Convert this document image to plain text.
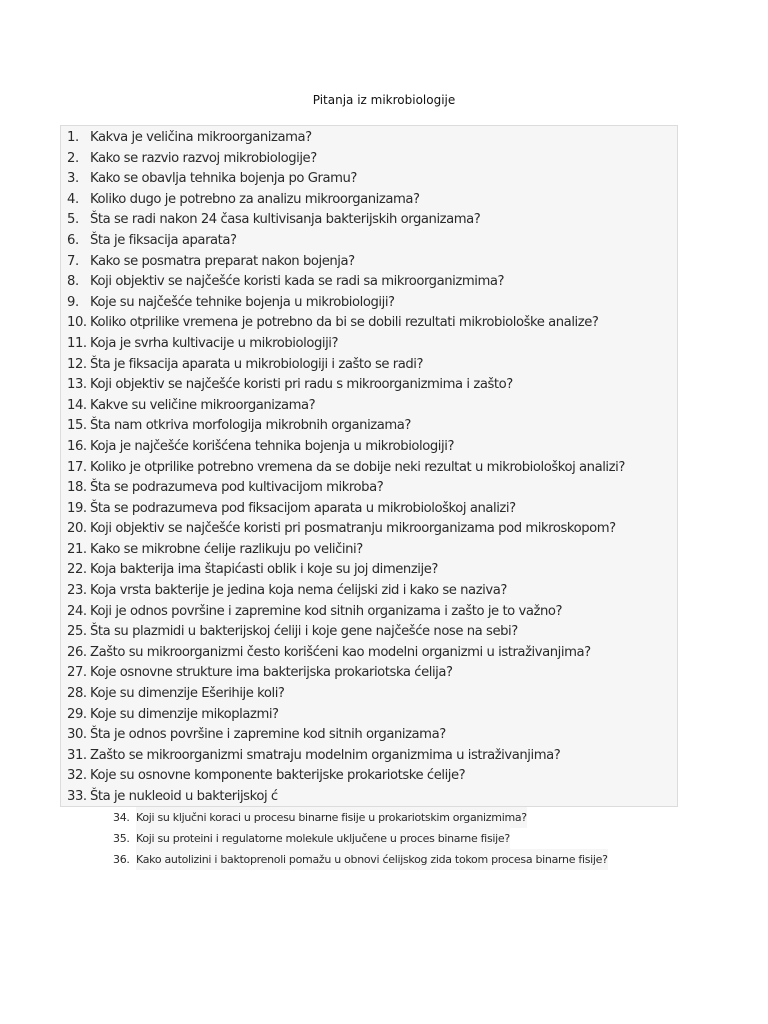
Pitanja iz mikrobiologije
1. Kakva je veličina mikroorganizama?
2. Kako se razvio razvoj mikrobiologije?
3. Kako se obavlja tehnika bojenja po Gramu?
4. Koliko dugo je potrebno za analizu mikroorganizama?
5. Šta se radi nakon 24 časa kultivisanja bakterijskih organizama?
6. Šta je fiksacija aparata?
7. Kako se posmatra preparat nakon bojenja?
8. Koji objektiv se najčešće koristi kada se radi sa mikroorganizmima?
9. Koje su najčešće tehnike bojenja u mikrobiologiji?
10. Koliko otprilike vremena je potrebno da bi se dobili rezultati mikrobiološke analize?
11. Koja je svrha kultivacije u mikrobiologiji?
12. Šta je fiksacija aparata u mikrobiologiji i zašto se radi?
13. Koji objektiv se najčešće koristi pri radu s mikroorganizmima i zašto?
14. Kakve su veličine mikroorganizama?
15. Šta nam otkriva morfologija mikrobnih organizama?
16. Koja je najčešće korišćena tehnika bojenja u mikrobiologiji?
17. Koliko je otprilike potrebno vremena da se dobije neki rezultat u mikrobiološkoj analizi?
18. Šta se podrazumeva pod kultivacijom mikroba?
19. Šta se podrazumeva pod fiksacijom aparata u mikrobiološkoj analizi?
20. Koji objektiv se najčešće koristi pri posmatranju mikroorganizama pod mikroskopom?
21. Kako se mikrobne ćelije razlikuju po veličini?
22. Koja bakterija ima štapićasti oblik i koje su joj dimenzije?
23. Koja vrsta bakterije je jedina koja nema ćelijski zid i kako se naziva?
24. Koji je odnos površine i zapremine kod sitnih organizama i zašto je to važno?
25. Šta su plazmidi u bakterijskoj ćeliji i koje gene najčešće nose na sebi?
26. Zašto su mikroorganizmi često korišćeni kao modelni organizmi u istraživanjima?
27. Koje osnovne strukture ima bakterijska prokariotska ćelija?
28. Koje su dimenzije Ešerihije koli?
29. Koje su dimenzije mikoplazmi?
30. Šta je odnos površine i zapremine kod sitnih organizama?
31. Zašto se mikroorganizmi smatraju modelnim organizmima u istraživanjima?
32. Koje su osnovne komponente bakterijske prokariotske ćelije?
33. Šta je nukleoid u bakterijskoj ć
34. Koji su ključni koraci u procesu binarne fisije u prokariotskim organizmima?
35. Koji su proteini i regulatorne molekule uključene u proces binarne fisije?
36. Kako autolizini i baktoprenoli pomažu u obnovi ćelijskog zida tokom procesa binarne fisije?
